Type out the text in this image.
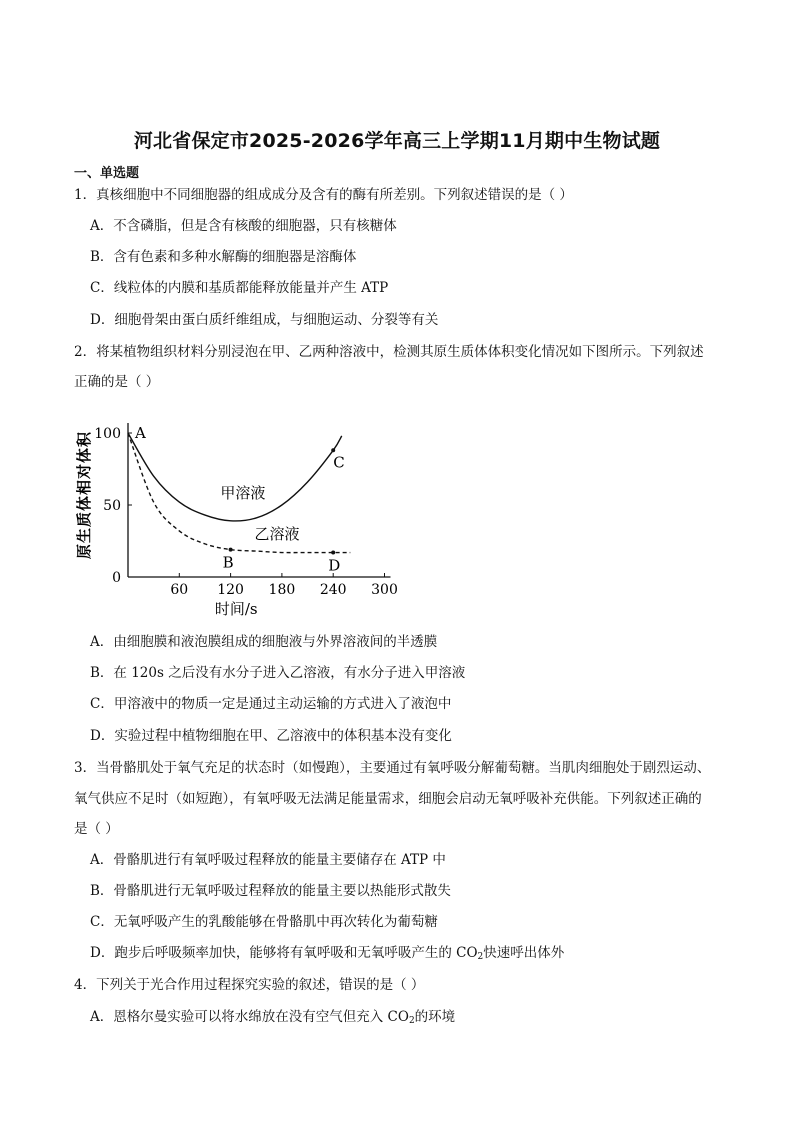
河北省保定市2025-2026学年高三上学期11月期中生物试题
一、单选题
1．真核细胞中不同细胞器的组成成分及含有的酶有所差别。下列叙述错误的是（ ）
A．不含磷脂，但是含有核酸的细胞器，只有核糖体
B．含有色素和多种水解酶的细胞器是溶酶体
C．线粒体的内膜和基质都能释放能量并产生 ATP
D．细胞骨架由蛋白质纤维组成，与细胞运动、分裂等有关
2．将某植物组织材料分别浸泡在甲、乙两种溶液中，检测其原生质体体积变化情况如下图所示。下列叙述
正确的是（ ）
60 120 180 240 300
0
50
100
时间/s
原生质体相对体积	甲溶液
乙溶液
A
B
C
D
A．由细胞膜和液泡膜组成的细胞液与外界溶液间的半透膜
B．在 120s 之后没有水分子进入乙溶液，有水分子进入甲溶液
C．甲溶液中的物质一定是通过主动运输的方式进入了液泡中
D．实验过程中植物细胞在甲、乙溶液中的体积基本没有变化
3．当骨骼肌处于氧气充足的状态时（如慢跑），主要通过有氧呼吸分解葡萄糖。当肌肉细胞处于剧烈运动、
氧气供应不足时（如短跑），有氧呼吸无法满足能量需求，细胞会启动无氧呼吸补充供能。下列叙述正确的
是（ ）
A．骨骼肌进行有氧呼吸过程释放的能量主要储存在 ATP 中
B．骨骼肌进行无氧呼吸过程释放的能量主要以热能形式散失
C．无氧呼吸产生的乳酸能够在骨骼肌中再次转化为葡萄糖
D．跑步后呼吸频率加快，能够将有氧呼吸和无氧呼吸产生的 $CO_2$快速呼出体外
4．下列关于光合作用过程探究实验的叙述，错误的是（ ）
A．恩格尔曼实验可以将水绵放在没有空气但充入 $CO_2$的环境
